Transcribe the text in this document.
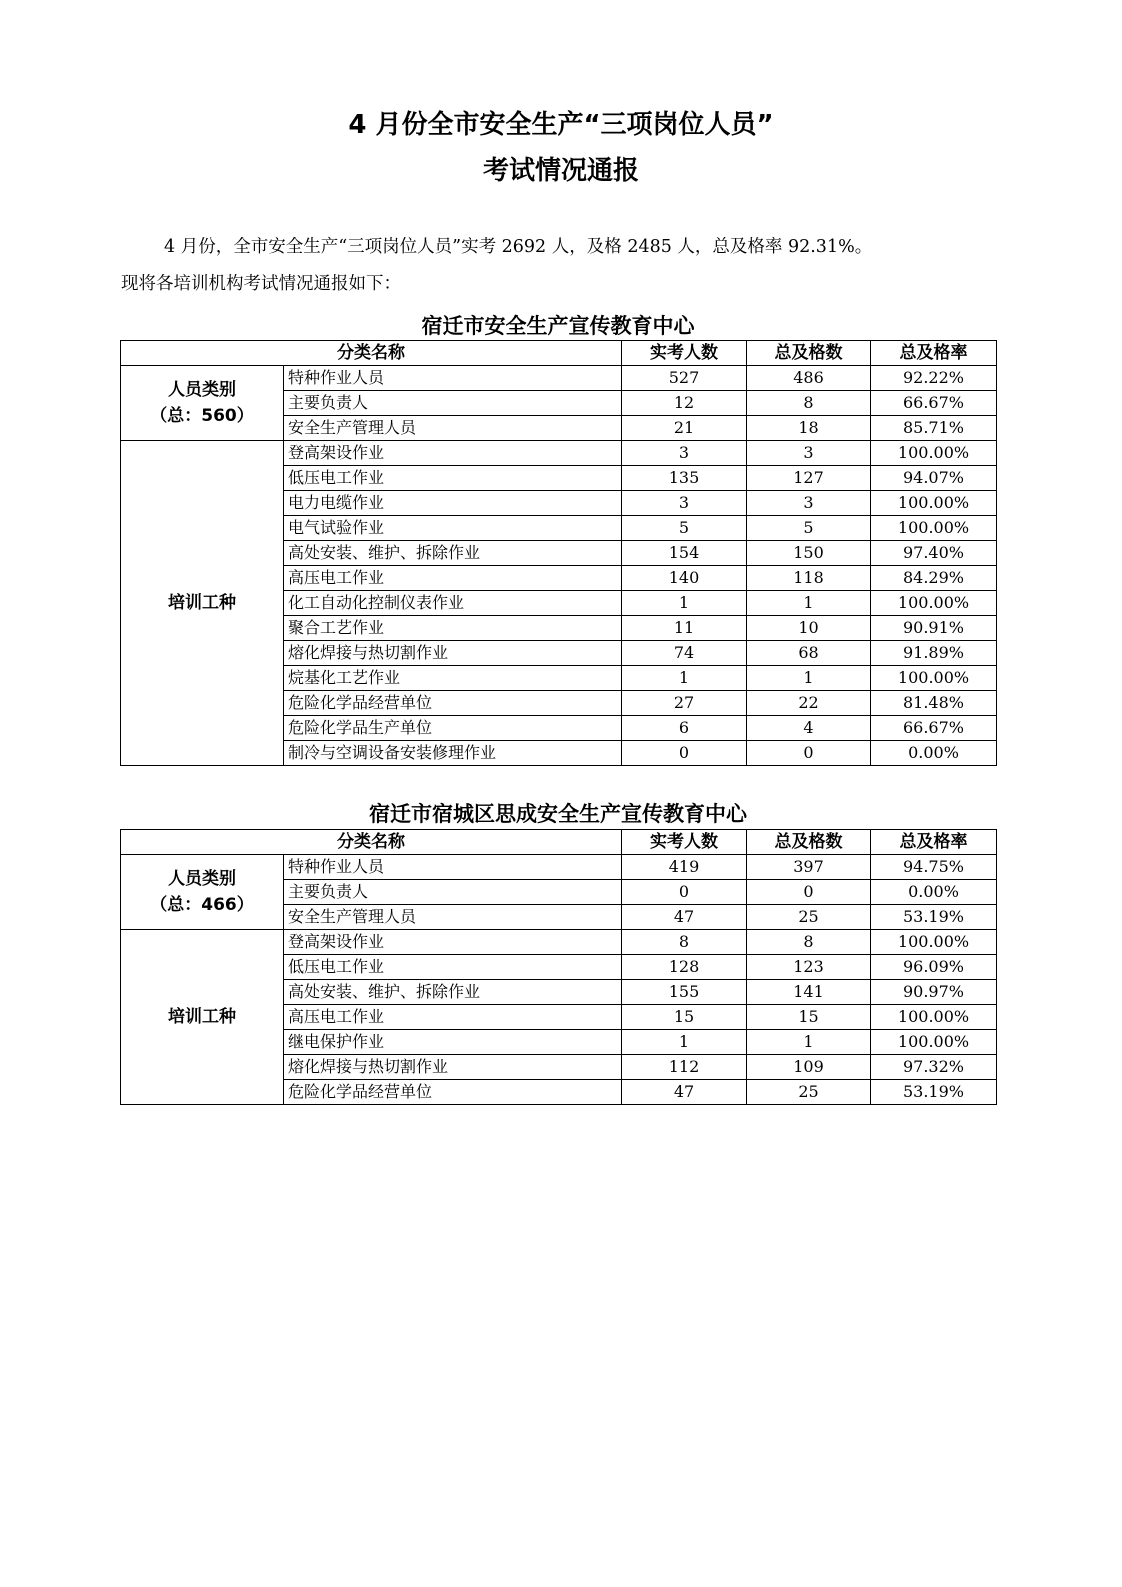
4 月份全市安全生产“三项岗位人员”
考试情况通报
4 月份，全市安全生产“三项岗位人员”实考 2692 人，及格 2485 人，总及格率 92.31%。
现将各培训机构考试情况通报如下：
宿迁市安全生产宣传教育中心
分类名称		实考人数	总及格数	总及格率

人员类别
（总：560）	特种作业人员	527	486	92.22%
	主要负责人	12	8	66.67%
	安全生产管理人员	21	18	85.71%

培训工种	登高架设作业	3	3	100.00%
	低压电工作业	135	127	94.07%
	电力电缆作业	3	3	100.00%
	电气试验作业	5	5	100.00%
	高处安装、维护、拆除作业	154	150	97.40%
	高压电工作业	140	118	84.29%
	化工自动化控制仪表作业	1	1	100.00%
	聚合工艺作业	11	10	90.91%
	熔化焊接与热切割作业	74	68	91.89%
	烷基化工艺作业	1	1	100.00%
	危险化学品经营单位	27	22	81.48%
	危险化学品生产单位	6	4	66.67%
	制冷与空调设备安装修理作业	0	0	0.00%
宿迁市宿城区思成安全生产宣传教育中心
分类名称		实考人数	总及格数	总及格率

人员类别
（总：466）	特种作业人员	419	397	94.75%
	主要负责人	0	0	0.00%
	安全生产管理人员	47	25	53.19%

培训工种	登高架设作业	8	8	100.00%
	低压电工作业	128	123	96.09%
	高处安装、维护、拆除作业	155	141	90.97%
	高压电工作业	15	15	100.00%
	继电保护作业	1	1	100.00%
	熔化焊接与热切割作业	112	109	97.32%
	危险化学品经营单位	47	25	53.19%
